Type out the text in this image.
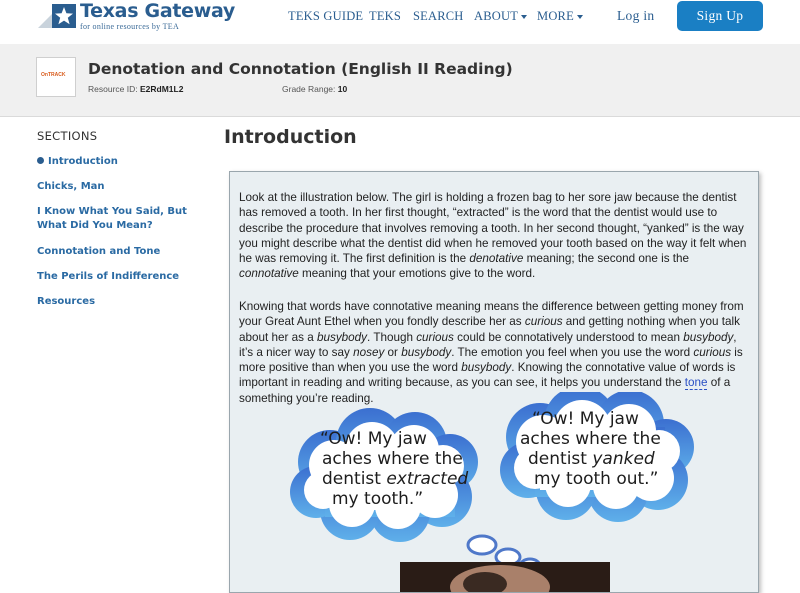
Texas Gateway
for online resources by TEA
TEKS GUIDE TEKS SEARCH ABOUT	MORE	Log in	Sign Up
OnTRACK Denotation and Connotation (English II Reading)
Resource ID: E2RdM1L2	Grade Range: 10
SECTIONS
Introduction
Chicks, Man
I Know What You Said, But What Did You Mean?
Connotation and Tone
The Perils of Indifference
Resources
Introduction

Look at the illustration below. The girl is holding a frozen bag to her sore jaw because the dentist has removed a tooth. In her first thought, “extracted” is the word that the dentist would use to describe the procedure that involves removing a tooth. In her second thought, “yanked” is the way you might describe what the dentist did when he removed your tooth based on the way it felt when he was removing it. The first definition is the denotative meaning; the second one is the connotative meaning that your emotions give to the word.

Knowing that words have connotative meaning means the difference between getting money from your Great Aunt Ethel when you fondly describe her as curious and getting nothing when you talk about her as a busybody. Though curious could be connotatively understood to mean busybody, it’s a nicer way to say nosey or busybody. The emotion you feel when you use the word curious is more positive than when you use the word busybody. Knowing the connotative value of words is important in reading and writing because, as you can see, it helps you understand the tone of a something you’re reading.

“Ow! My jaw
aches where the
dentist extracted
my tooth.”
“Ow! My jaw
aches where the
dentist yanked
my tooth out.”
